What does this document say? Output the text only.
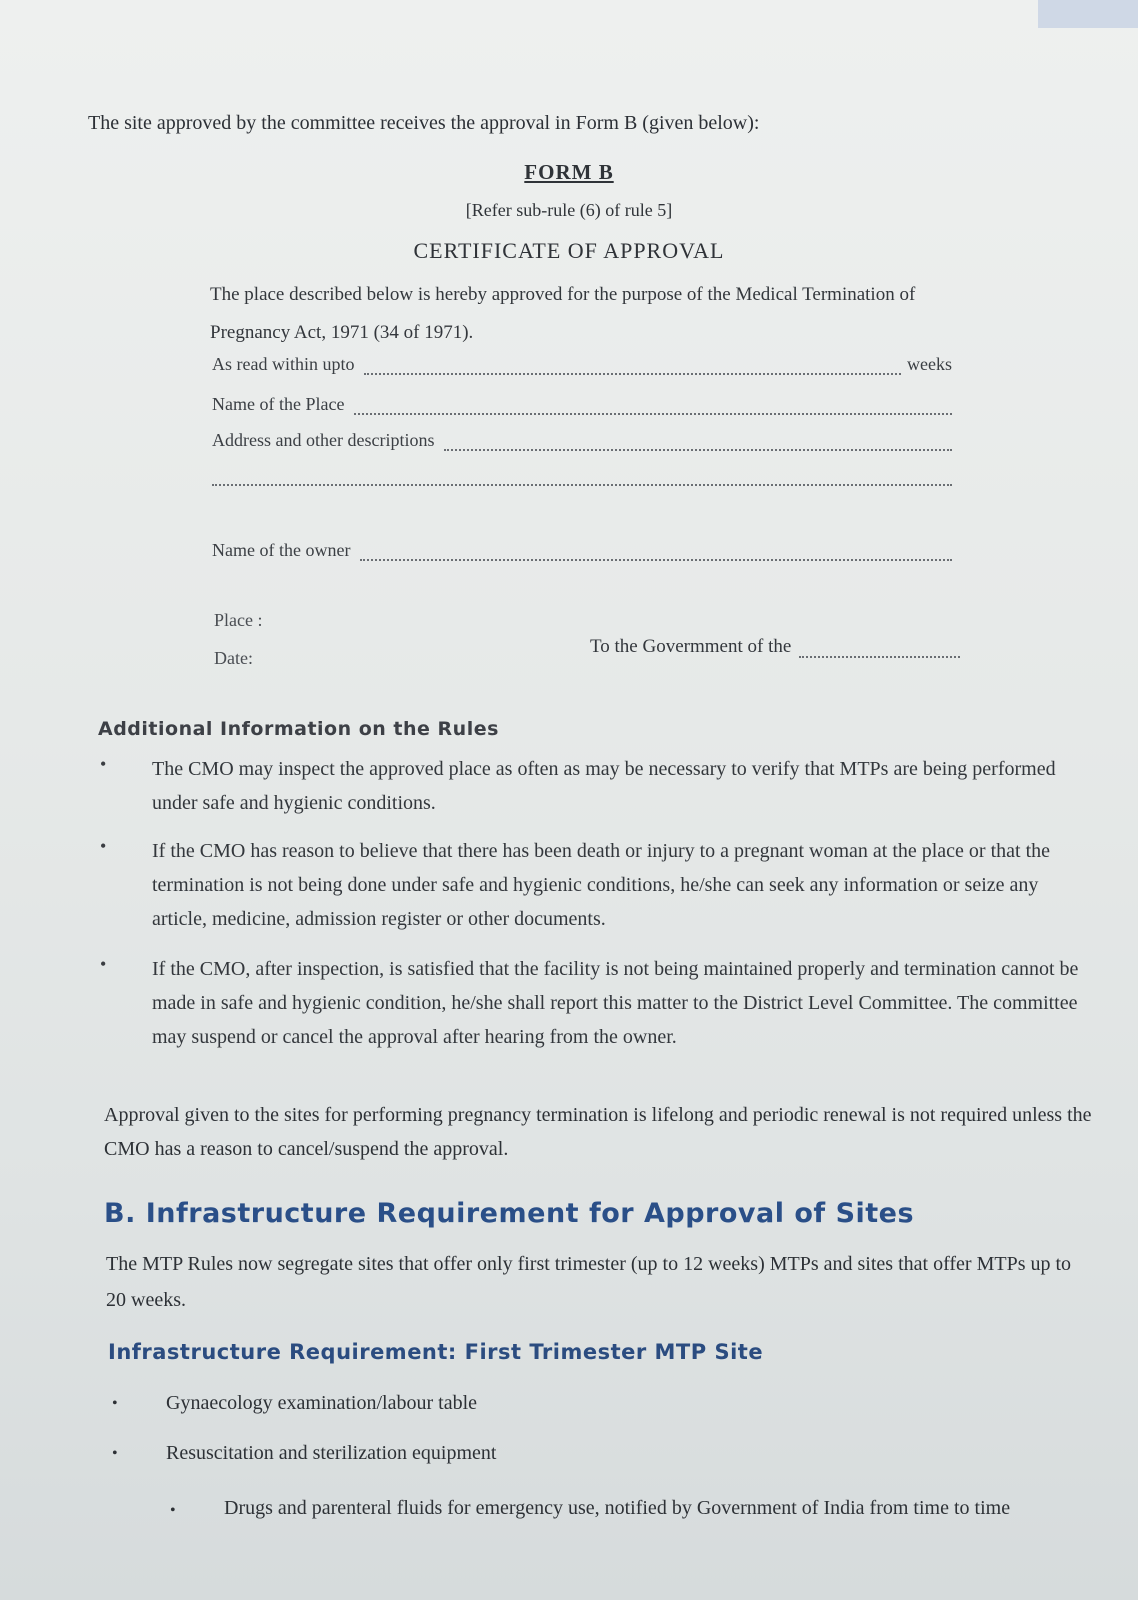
The site approved by the committee receives the approval in Form B (given below):
FORM B
[Refer sub-rule (6) of rule 5]
CERTIFICATE OF APPROVAL
The place described below is hereby approved for the purpose of the Medical Termination of Pregnancy Act, 1971 (34 of 1971).
As read within upto	weeks
Name of the Place
Address and other descriptions
Name of the owner
Place :
Date:
To the Govermment of the
Additional Information on the Rules
•	The CMO may inspect the approved place as often as may be necessary to verify that MTPs are being performed under safe and hygienic conditions.
•	If the CMO has reason to believe that there has been death or injury to a pregnant woman at the place or that the termination is not being done under safe and hygienic conditions, he/she can seek any information or seize any article, medicine, admission register or other documents.
•	If the CMO, after inspection, is satisfied that the facility is not being maintained properly and termination cannot be made in safe and hygienic condition, he/she shall report this matter to the District Level Committee. The committee may suspend or cancel the approval after hearing from the owner.
Approval given to the sites for performing pregnancy termination is lifelong and periodic renewal is not required unless the CMO has a reason to cancel/suspend the approval.
B. Infrastructure Requirement for Approval of Sites
The MTP Rules now segregate sites that offer only first trimester (up to 12 weeks) MTPs and sites that offer MTPs up to 20 weeks.
Infrastructure Requirement: First Trimester MTP Site
•	Gynaecology examination/labour table
•	Resuscitation and sterilization equipment
•	Drugs and parenteral fluids for emergency use, notified by Government of India from time to time
